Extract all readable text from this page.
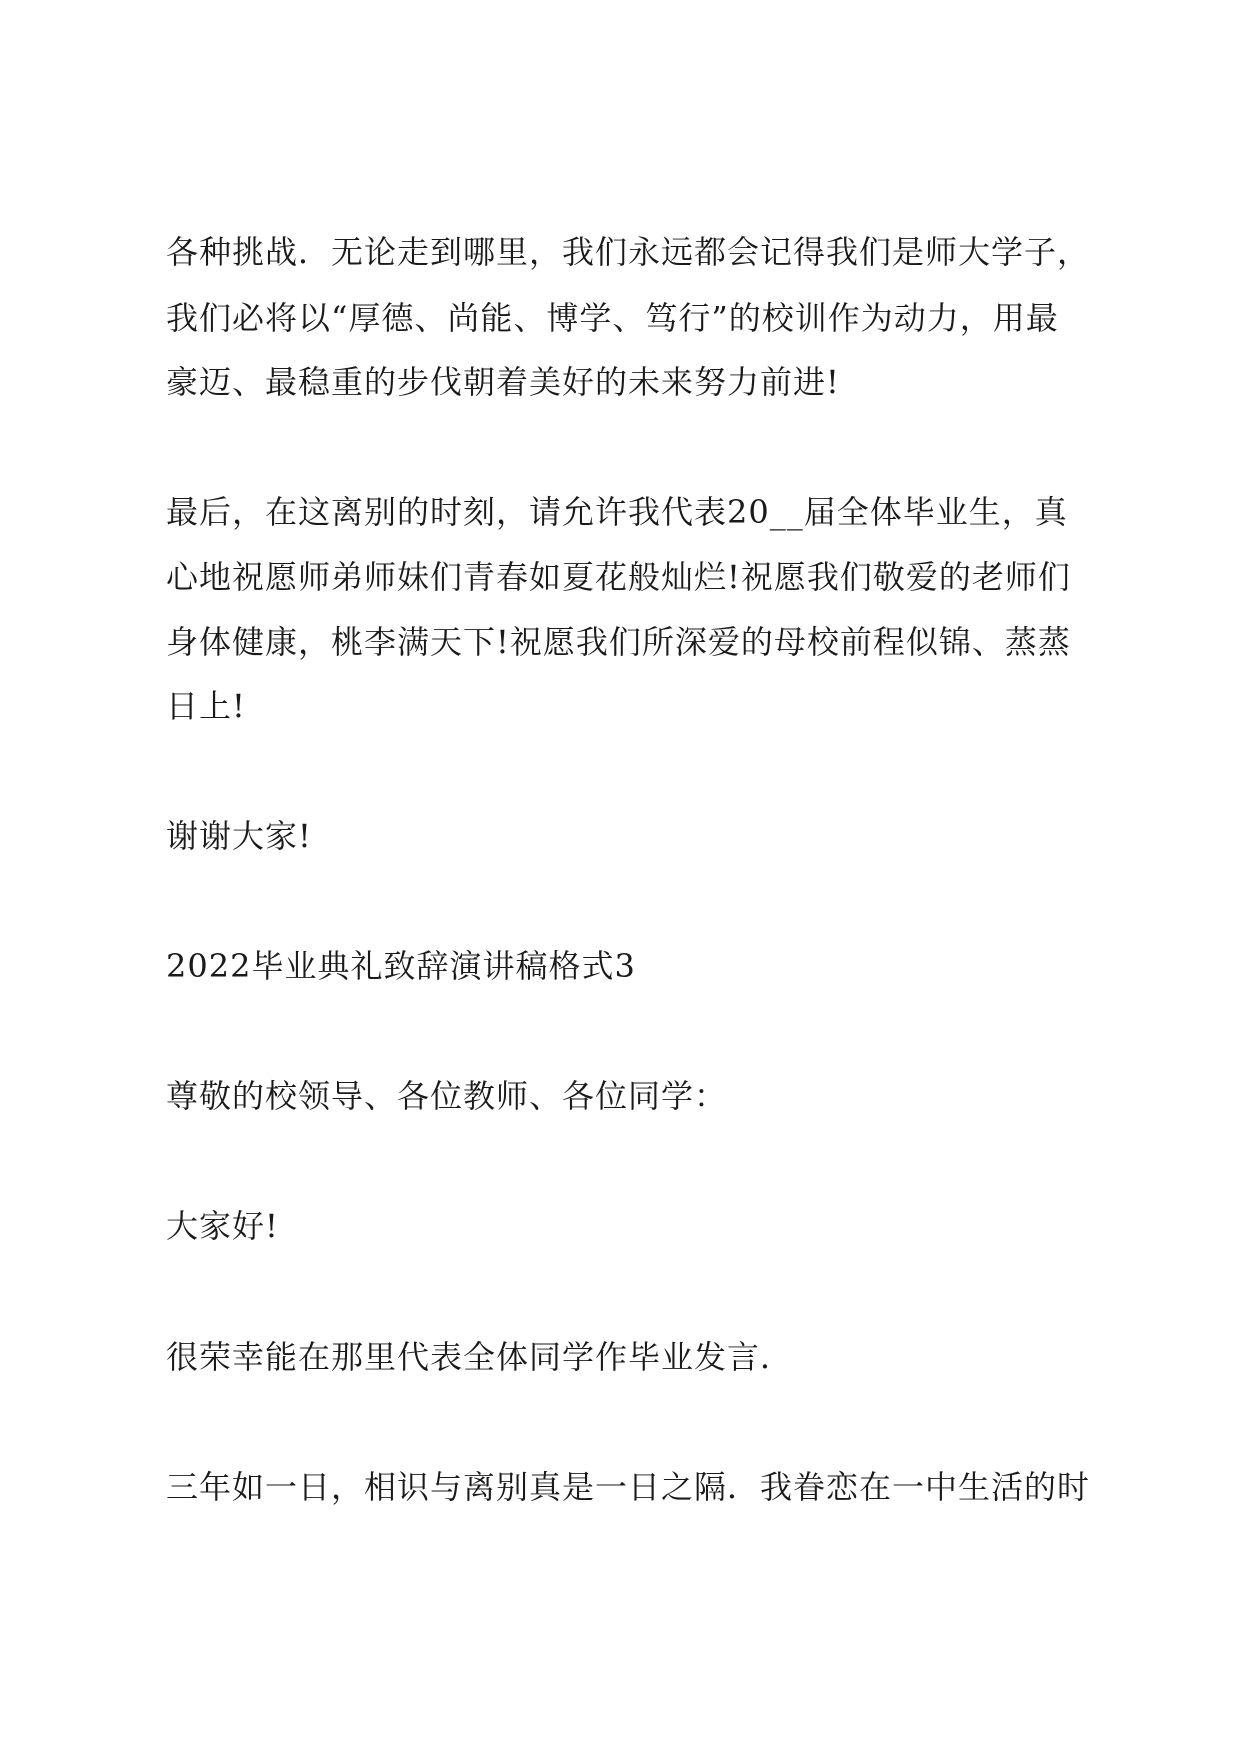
各种挑战．无论走到哪里，我们永远都会记得我们是师大学子，
我们必将以“厚德、尚能、博学、笃行”的校训作为动力，用最
豪迈、最稳重的步伐朝着美好的未来努力前进!
最后，在这离别的时刻，请允许我代表20__届全体毕业生，真
心地祝愿师弟师妹们青春如夏花般灿烂!祝愿我们敬爱的老师们
身体健康，桃李满天下!祝愿我们所深爱的母校前程似锦、蒸蒸
日上!
谢谢大家!
2022毕业典礼致辞演讲稿格式3
尊敬的校领导、各位教师、各位同学：
大家好!
很荣幸能在那里代表全体同学作毕业发言．
三年如一日，相识与离别真是一日之隔．我眷恋在一中生活的时
